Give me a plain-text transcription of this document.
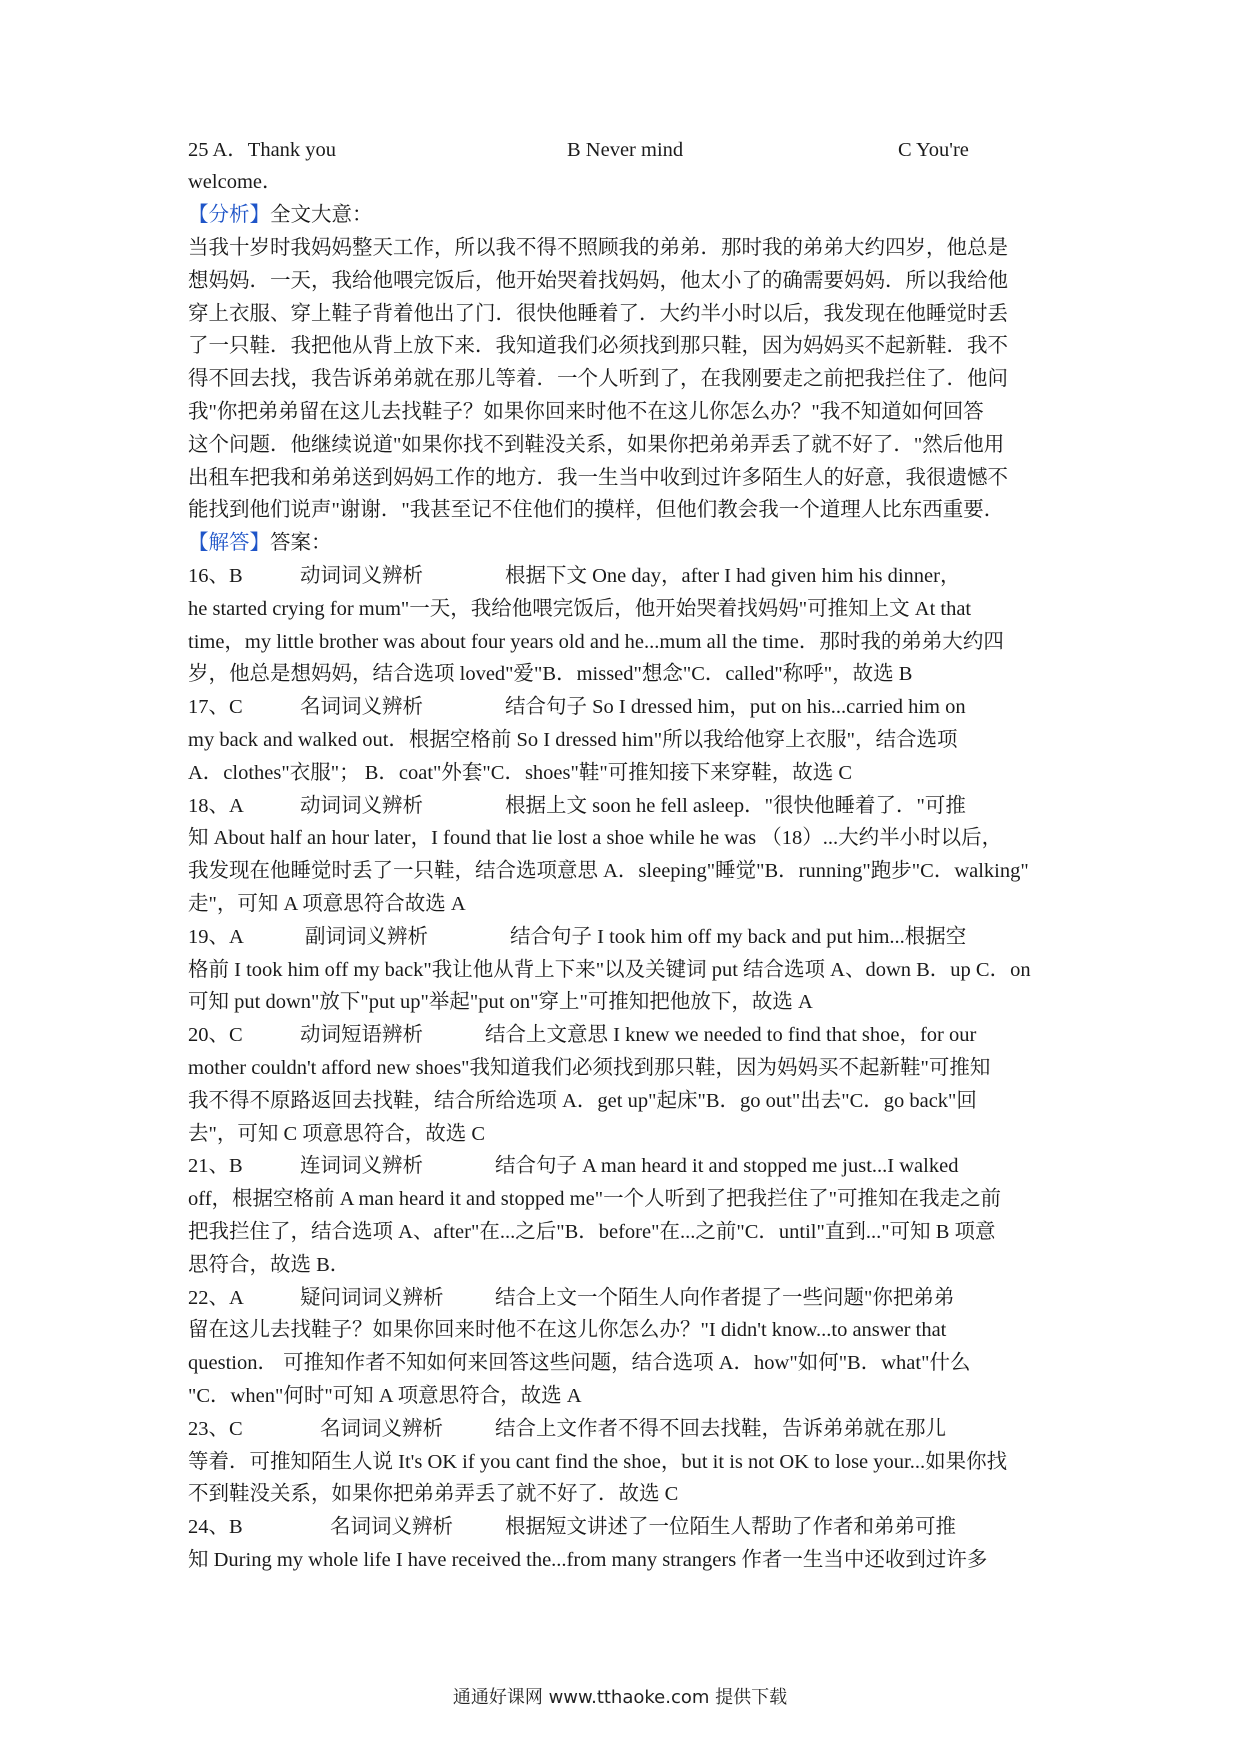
25 A．Thank you	B Never mind	C You're
welcome．
【分析】全文大意：
当我十岁时我妈妈整天工作，所以我不得不照顾我的弟弟．那时我的弟弟大约四岁，他总是
想妈妈．一天，我给他喂完饭后，他开始哭着找妈妈，他太小了的确需要妈妈．所以我给他
穿上衣服、穿上鞋子背着他出了门．很快他睡着了．大约半小时以后，我发现在他睡觉时丢
了一只鞋．我把他从背上放下来．我知道我们必须找到那只鞋，因为妈妈买不起新鞋．我不
得不回去找，我告诉弟弟就在那儿等着．一个人听到了，在我刚要走之前把我拦住了．他问
我"你把弟弟留在这儿去找鞋子？如果你回来时他不在这儿你怎么办？"我不知道如何回答
这个问题．他继续说道"如果你找不到鞋没关系，如果你把弟弟弄丢了就不好了．"然后他用
出租车把我和弟弟送到妈妈工作的地方．我一生当中收到过许多陌生人的好意，我很遗憾不
能找到他们说声"谢谢．"我甚至记不住他们的摸样，但他们教会我一个道理人比东西重要．
【解答】答案：
16、B	动词词义辨析	根据下文 One day，after I had given him his dinner，
he started crying for mum"一天，我给他喂完饭后，他开始哭着找妈妈"可推知上文 At that
time，my little brother was about four years old and he...mum all the time．那时我的弟弟大约四
岁，他总是想妈妈，结合选项 loved"爱"B．missed"想念"C．called"称呼"，故选 B
17、C	名词词义辨析	结合句子 So I dressed him，put on his...carried him on
my back and walked out．根据空格前 So I dressed him"所以我给他穿上衣服"，结合选项
A．clothes"衣服"； B．coat"外套"C．shoes"鞋"可推知接下来穿鞋，故选 C
18、A	动词词义辨析	根据上文 soon he fell asleep．"很快他睡着了．"可推
知 About half an hour later，I found that lie lost a shoe while he was （18）...大约半小时以后，
我发现在他睡觉时丢了一只鞋，结合选项意思 A．sleeping"睡觉"B．running"跑步"C．walking"
走"，可知 A 项意思符合故选 A
19、A	副词词义辨析	结合句子 I took him off my back and put him...根据空
格前 I took him off my back"我让他从背上下来"以及关键词 put 结合选项 A、down B．up C．on
可知 put down"放下"put up"举起"put on"穿上"可推知把他放下，故选 A
20、C	动词短语辨析	结合上文意思 I knew we needed to find that shoe，for our
mother couldn't afford new shoes"我知道我们必须找到那只鞋，因为妈妈买不起新鞋"可推知
我不得不原路返回去找鞋，结合所给选项 A．get up"起床"B．go out"出去"C．go back"回
去"，可知 C 项意思符合，故选 C
21、B	连词词义辨析	结合句子 A man heard it and stopped me just...I walked
off，根据空格前 A man heard it and stopped me"一个人听到了把我拦住了"可推知在我走之前
把我拦住了，结合选项 A、after"在...之后"B．before"在...之前"C．until"直到..."可知 B 项意
思符合，故选 B．
22、A	疑问词词义辨析	结合上文一个陌生人向作者提了一些问题"你把弟弟
留在这儿去找鞋子？如果你回来时他不在这儿你怎么办？"I didn't know...to answer that
question． 可推知作者不知如何来回答这些问题，结合选项 A．how"如何"B．what"什么
"C．when"何时"可知 A 项意思符合，故选 A
23、C	名词词义辨析	结合上文作者不得不回去找鞋，告诉弟弟就在那儿
等着．可推知陌生人说 It's OK if you cant find the shoe，but it is not OK to lose your...如果你找
不到鞋没关系，如果你把弟弟弄丢了就不好了．故选 C
24、B	名词词义辨析	根据短文讲述了一位陌生人帮助了作者和弟弟可推
知 During my whole life I have received the...from many strangers 作者一生当中还收到过许多
通通好课网 www.tthaoke.com 提供下载
